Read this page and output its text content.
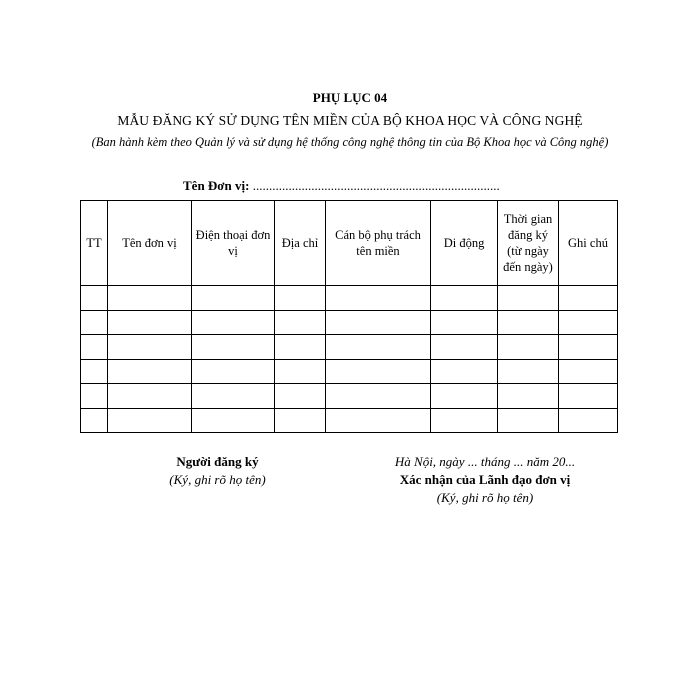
PHỤ LỤC 04
MẪU ĐĂNG KÝ SỬ DỤNG TÊN MIỀN CỦA BỘ KHOA HỌC VÀ CÔNG NGHỆ
(Ban hành kèm theo Quản lý và sử dụng hệ thống công nghệ thông tin của Bộ Khoa học và Công nghệ)
Tên Đơn vị: ............................................................................
TT	Tên đơn vị	Điện thoại đơn vị	Địa chỉ	Cán bộ phụ trách tên miền	Di động	Thời gian đăng ký (từ ngày đến ngày)	Ghi chú

Người đăng ký
(Ký, ghi rõ họ tên)
Hà Nội, ngày ... tháng ... năm 20...
Xác nhận của Lãnh đạo đơn vị
(Ký, ghi rõ họ tên)
